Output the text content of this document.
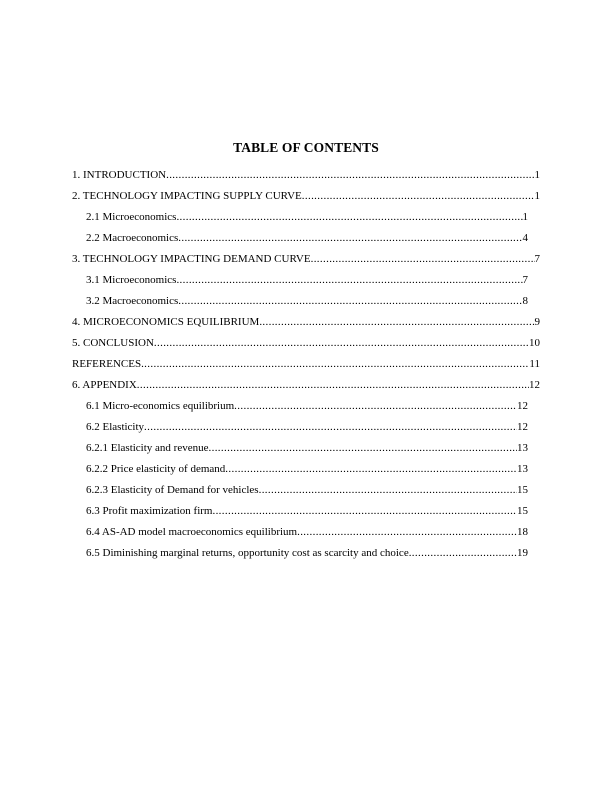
TABLE OF CONTENTS
1. INTRODUCTION .....	1
2. TECHNOLOGY IMPACTING SUPPLY CURVE .....	1
2.1 Microeconomics .....	1
2.2 Macroeconomics .....	4
3. TECHNOLOGY IMPACTING DEMAND CURVE .....	7
3.1 Microeconomics .....	7
3.2 Macroeconomics .....	8
4. MICROECONOMICS EQUILIBRIUM .....	9
5. CONCLUSION .....	10
REFERENCES .....	11
6. APPENDIX .....	12
6.1 Micro-economics equilibrium .....	12
6.2 Elasticity .....	12
6.2.1 Elasticity and revenue .....	13
6.2.2 Price elasticity of demand .....	13
6.2.3 Elasticity of Demand for vehicles .....	15
6.3 Profit maximization firm .....	15
6.4 AS-AD model macroeconomics equilibrium .....	18
6.5 Diminishing marginal returns, opportunity cost as scarcity and choice .....	19
